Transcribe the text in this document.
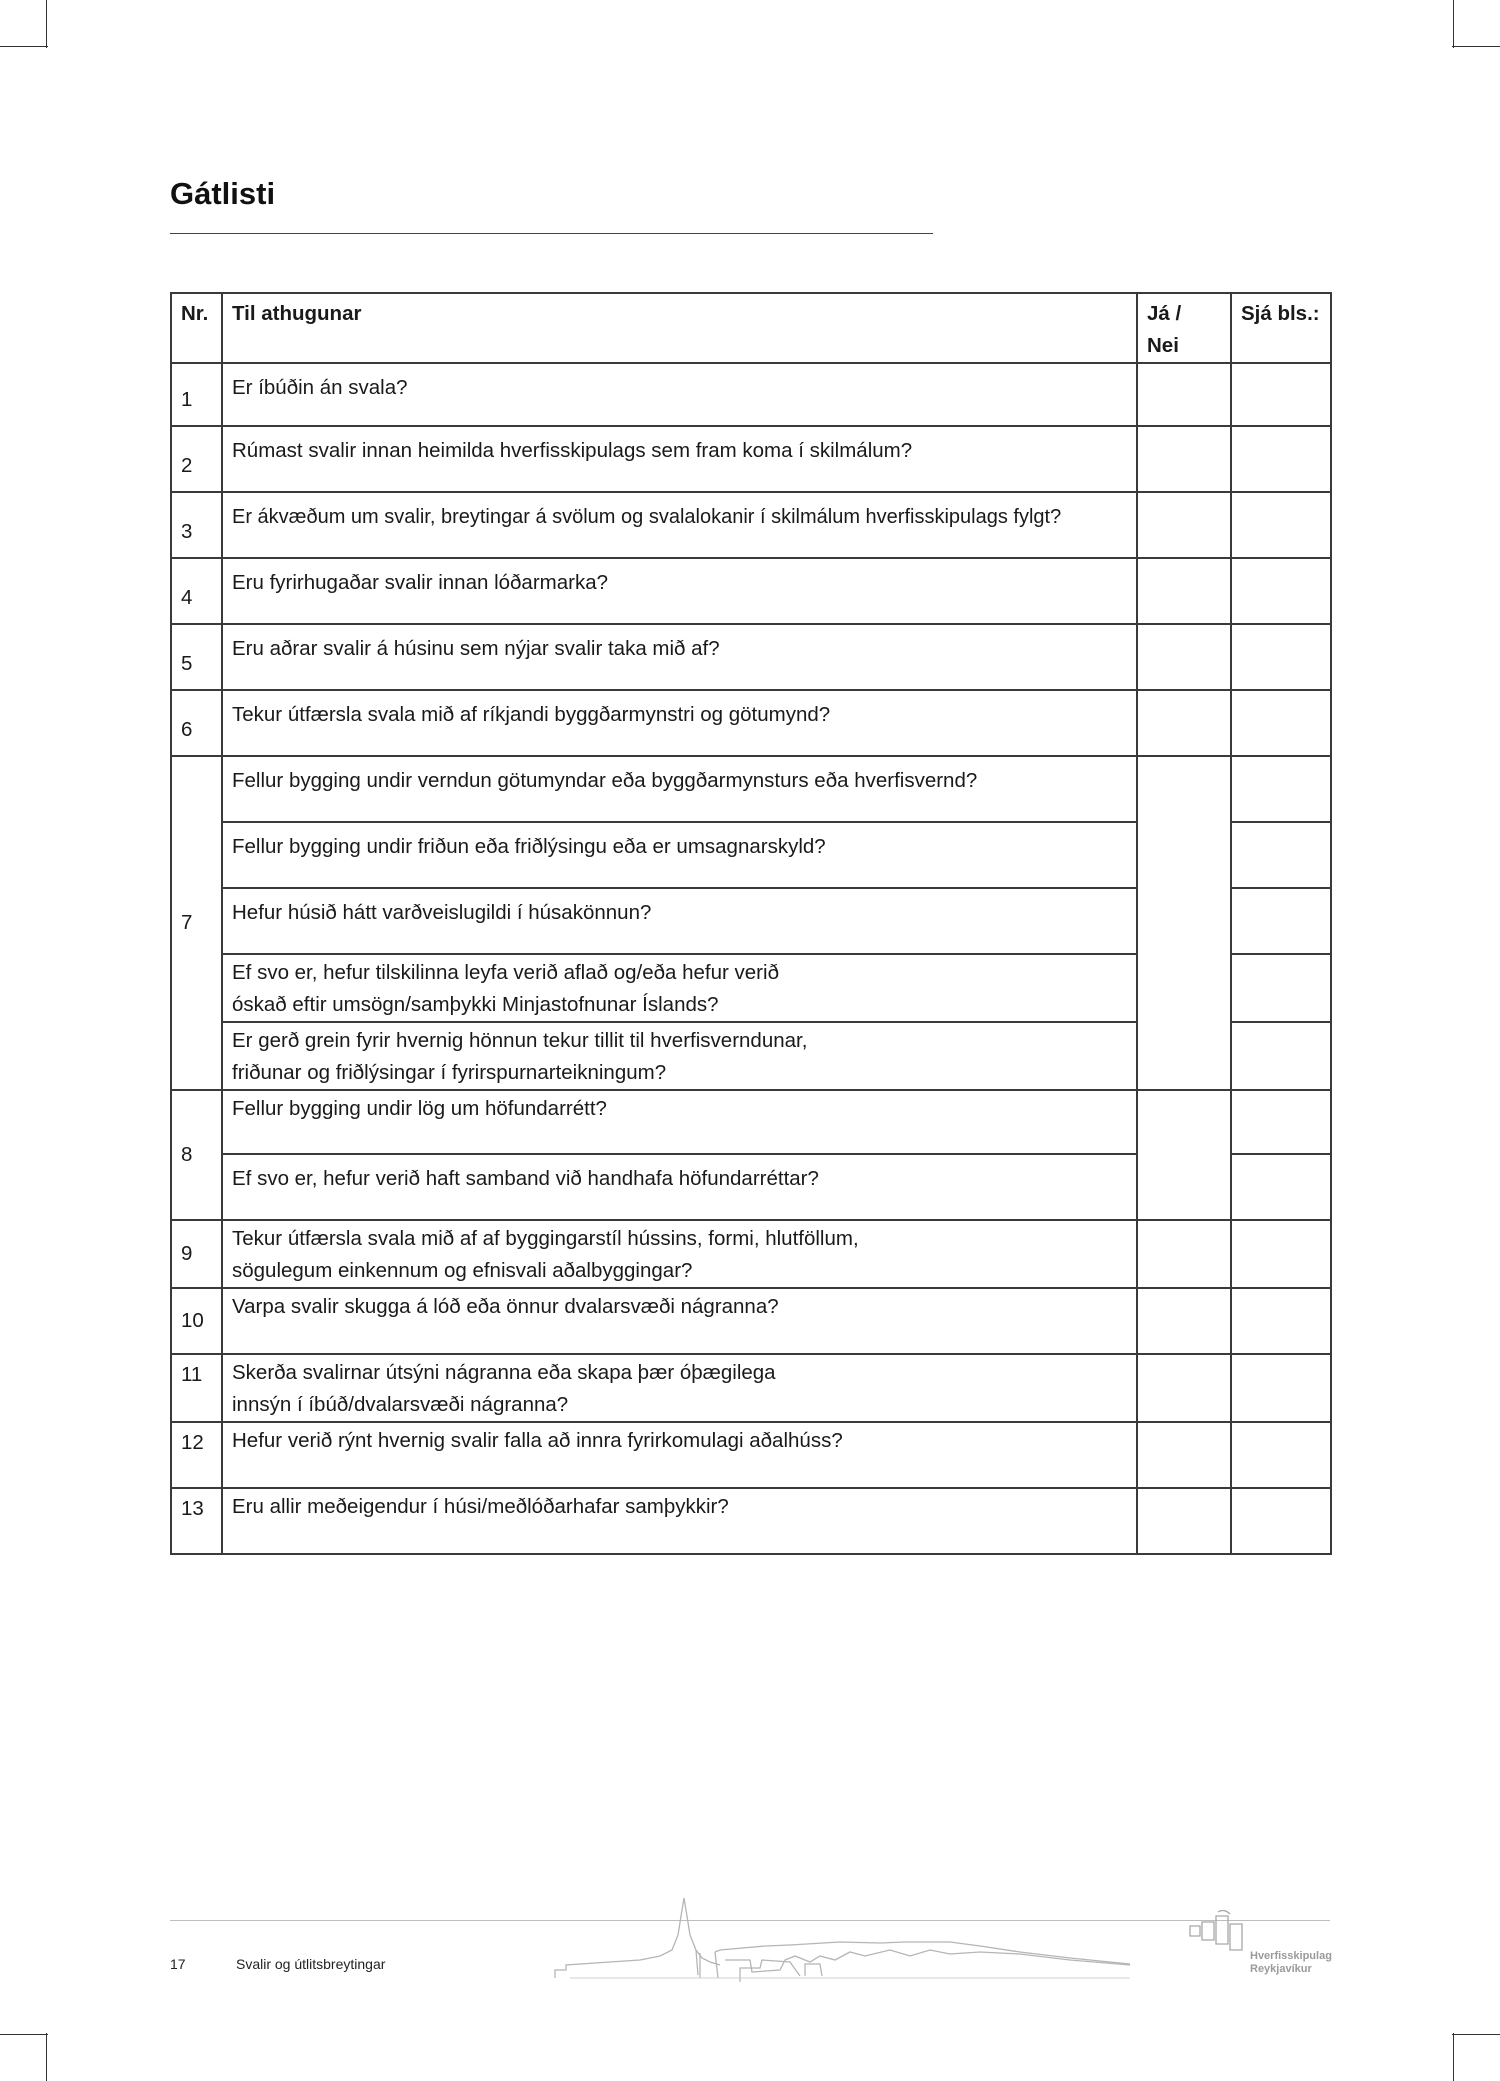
Gátlisti
Nr.	Til athugunar	Já / Nei	Sjá bls.:
1	Er íbúðin án svala?		
2	Rúmast svalir innan heimilda hverfisskipulags sem fram koma í skilmálum?		
3	Er ákvæðum um svalir, breytingar á svölum og svalalokanir í skilmálum hverfisskipulags fylgt?		
4	Eru fyrirhugaðar svalir innan lóðarmarka?		
5	Eru aðrar svalir á húsinu sem nýjar svalir taka mið af?		
6	Tekur útfærsla svala mið af ríkjandi byggðarmynstri og götumynd?		
7	Fellur bygging undir verndun götumyndar eða byggðarmynsturs eða hverfisvernd?		
	Fellur bygging undir friðun eða friðlýsingu eða er umsagnarskyld?		
	Hefur húsið hátt varðveislugildi í húsakönnun?		

	Ef svo er, hefur tilskilinna leyfa verið aflað og/eða hefur verið
óskað eftir umsögn/samþykki Minjastofnunar Íslands?		

	Er gerð grein fyrir hvernig hönnun tekur tillit til hverfisverndunar,
friðunar og friðlýsingar í fyrirspurnarteikningum?		

8	Fellur bygging undir lög um höfundarrétt?		
	Ef svo er, hefur verið haft samband við handhafa höfundarréttar?		
9	Tekur útfærsla svala mið af af byggingarstíl hússins, formi, hlutföllum,
sögulegum einkennum og efnisvali aðalbyggingar?		

10	Varpa svalir skugga á lóð eða önnur dvalarsvæði nágranna?		
11	Skerða svalirnar útsýni nágranna eða skapa þær óþægilega
innsýn í íbúð/dvalarsvæði nágranna?		

12	Hefur verið rýnt hvernig svalir falla að innra fyrirkomulagi aðalhúss?		
13	Eru allir meðeigendur í húsi/meðlóðarhafar samþykkir?		
17	Svalir og útlitsbreytingar	Hverfisskipulag
Reykjavíkur
